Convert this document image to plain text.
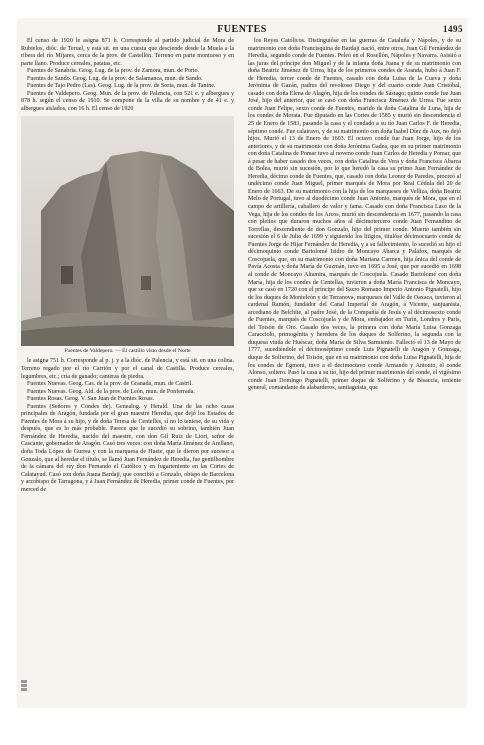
FUENTES	1495

El censo de 1920 le asigna 871 h. Corresponde al partido judicial de Mora de Rubielos, dióc. de Teruel, y está sit. en una cuesta que desciende desde la Muela a la ribera del río Mijares, cerca de la prov. de Castellón. Terreno en parte montuoso y en parte llano. Produce cereales, patatas, etc.

Fuentes de Sanabria. Geog. Lug. de la prov. de Zamora, mun. de Porto.

Fuentes de Sando. Geog. Lug. de la prov. de Salamanca, mun. de Sando.

Fuentes de Tajo Pedro (Las). Geog. Lug. de la prov. de Soria, mun. de Tanine.

Fuentes de Valdepero. Geog. Mun. de la prov. de Palencia, con 521 e. y albergues y 878 h. según el censo de 1910. Se compone de la villa de su nombre y de 41 e. y albergues aislados, con 16 h. El censo de 1920

Fuentes de Valdepero. — El castillo visto desde el Norte

le asigna 751 h. Corresponde al p. j. y a la dióc. de Palencia, y está sit. en una colina. Terreno regado por el río Carrión y por el canal de Castilla. Produce cereales, legumbres, etc.; cría de ganado; canteras de piedra.

Fuentes Nuevas. Geog. Cas. de la prov. de Granada, mun. de Castril.

Fuentes Nuevas. Geog. Ald. de la prov. de León, mun. de Ponferrada.

Fuentes Rosas. Geog. V. San Juan de Fuentes Rosas.

Fuentes (Señores y Condes de). Genealog. y Herald. Una de las ocho casas principales de Aragón, fundada por el gran maestre Heredia, que dejó los Estados de Fuentes de Mora á su hijo, y de doña Teresa de Centelles, sí no lo teniese, de su vida y después, que es lo más probable. Parece que le sucedió su sobrino, también Juan Fernández de Heredia, nacido del maestre, con don Gil Ruiz de Liori, señor de Cascante, gobernador de Aragón. Casó tres veces: con doña María Jiménez de Arellano, doña Toda López de Gurrea y con la marquesa de Huete, que le dieron por sucesor a Gonzalo, que al heredar el título, se llamó Juan Fernández de Heredia, fue gentilhombre de la cámara del rey don Fernando el Católico y en fugarteniente en las Cortes de Calatayud. Casó con doña Juana Bardaji, que concibió a Gonzalo, obispo de Barcelona y arzobispo de Tarragona, y á Juan Fernández de Heredia, primer conde de Fuentes, por merced de

los Reyes Católicos. Distinguióse en las guerras de Cataluña y Nápoles, y de su matrimonio con doña Francisquina de Bardají nació, entre otros, Juan Gil Fernández de Heredia, segundo conde de Fuentes. Peleó en el Rosellón, Nápoles y Navarra. Asistió a las juras del príncipe don Miguel y de la infanta doña Juana y de su matrimonio con doña Beatriz Jiménez de Urrea, hija de los primeros condes de Aranda, hubo á Juan F. de Heredia, tercer conde de Fuentes, casado con doña Luisa de la Cueva y doña Jerónima de Gazán, padres del revoltoso Diego y del cuarto conde Juan Cristóbal, casado con doña Elena de Alagón, hija de los condes de Sástago; quinto conde fue Juan José, hijo del anterior, que se casó con doña Francisca Jiménez de Urrea. Fue sexto conde Juan Felipe, sexto conde de Fuentes, marido de doña Catalina de Luna, hija de los condes de Morata. Fue diputado en las Cortes de 1585 y murió sin descendencia el 25 de Enero de 1583, pasando la casa y el condado a su tío Juan Carlos F. de Heredia, séptimo conde. Fue calatravo, y de su matrimonio con doña Isabel Díez de Aux, no dejó hijos. Murió el 13 de Enero de 1603. El octavo conde fue Juan Jorge, hijo de los anteriores, y de su matrimonio con doña Jerónima Gadea, que en su primer matrimonio con doña Catalina de Pomar tuvo al noveno conde Juan Carlos de Heredia y Pomar, que á pesar de haber casado dos veces, con doña Catalina de Vera y doña Francisca Abarca de Bolea, murió sin sucesión, por lo que heredó la casa su primo Juan Fernández de Heredia, décimo conde de Fuentes, que, casado con doña Leonor de Paredes, procreó al undécimo conde Juan Miguel, primer marqués de Mora por Real Cédula del 20 de Enero de 1663. De su matrimonio con la hija de los marqueses de Velliza, doña Beatriz Melo de Portugal, tuvo al duodécimo conde Juan Antonio, marqués de Mora, que en el campo de artillería, caballero de valor y fama. Casado con doña Francisca Laso de la Vega, hija de los condes de los Arcos, murió sin descendencia en 1677, pasando la casa con pleitos que duraron muchos años al décimotercero conde Juan Fernandino de Torrellas, descendiente de don Gonzalo, hijo del primer conde. Muerto también sin sucesión el 6 de Julio de 1699 y siguiendo los litigios, titulóse décimocuarto conde de Fuentes Jorge de Hijar Fernández de Heredia, y a su fallecimiento, lo sucedió su hijo el décimoquinto conde Bartolomé Isidro de Moncayo Abarca y Palafox, marqués de Coscojuela, que, en su matrimonio con doña Mariana Carmen, hija única del conde de Pavía Acosta y doña María de Guzmán, tuvo en 1695 a José, que por sucedió en 1698 al conde de Moncayo Altamira, marqués de Coscojuela. Casado Bartolomé con doña María, hija de los condes de Centellas, tuvieron a doña María Francisca de Moncayo, que se casó en 1720 con el príncipe del Sacro Romano Imperio Antonio Pignatelli, hijo de los duques de Monteleón y de Terranova, marqueses del Valle de Oaxaca, tuvieron al cardenal Ramón, fundador del Canal Imperial de Aragón, á Vicente, sanjuanista, arcediano de Belchite, al padre José, de la Compañía de Jesús y al décimosexto conde de Fuentes, marqués de Coscojuela y de Mora, embajador en Turín, Londres y París, del Toisón de Oro. Casado dos veces, la primera con doña María Luisa Gonzaga Caracciolo, primogénita y heredera de los duques de Solferino, la segunda con la duquesa viuda de Huéscar, doña María de Silva Sarmiento. Falleció el 13 de Mayo de 1777, sucediéndole el décimoséptimo conde Luis Pignatelli de Aragón y Gonzaga, duque de Solferino, del Toisón, que en su matrimonio con doña Luisa Pignatelli, hija de los condes de Egmont, tuvo a el decimoctavo conde Armando y Antonio, el conde Alonso, soltero. Pasó la casa a su tío, hijo del primer matrimonio del conde, el vigésimo conde Juan Domingo Pignatelli, primer duque de Solferino y de Bisaccia, teniente general, comandante de alabarderos, santiaguista, que
